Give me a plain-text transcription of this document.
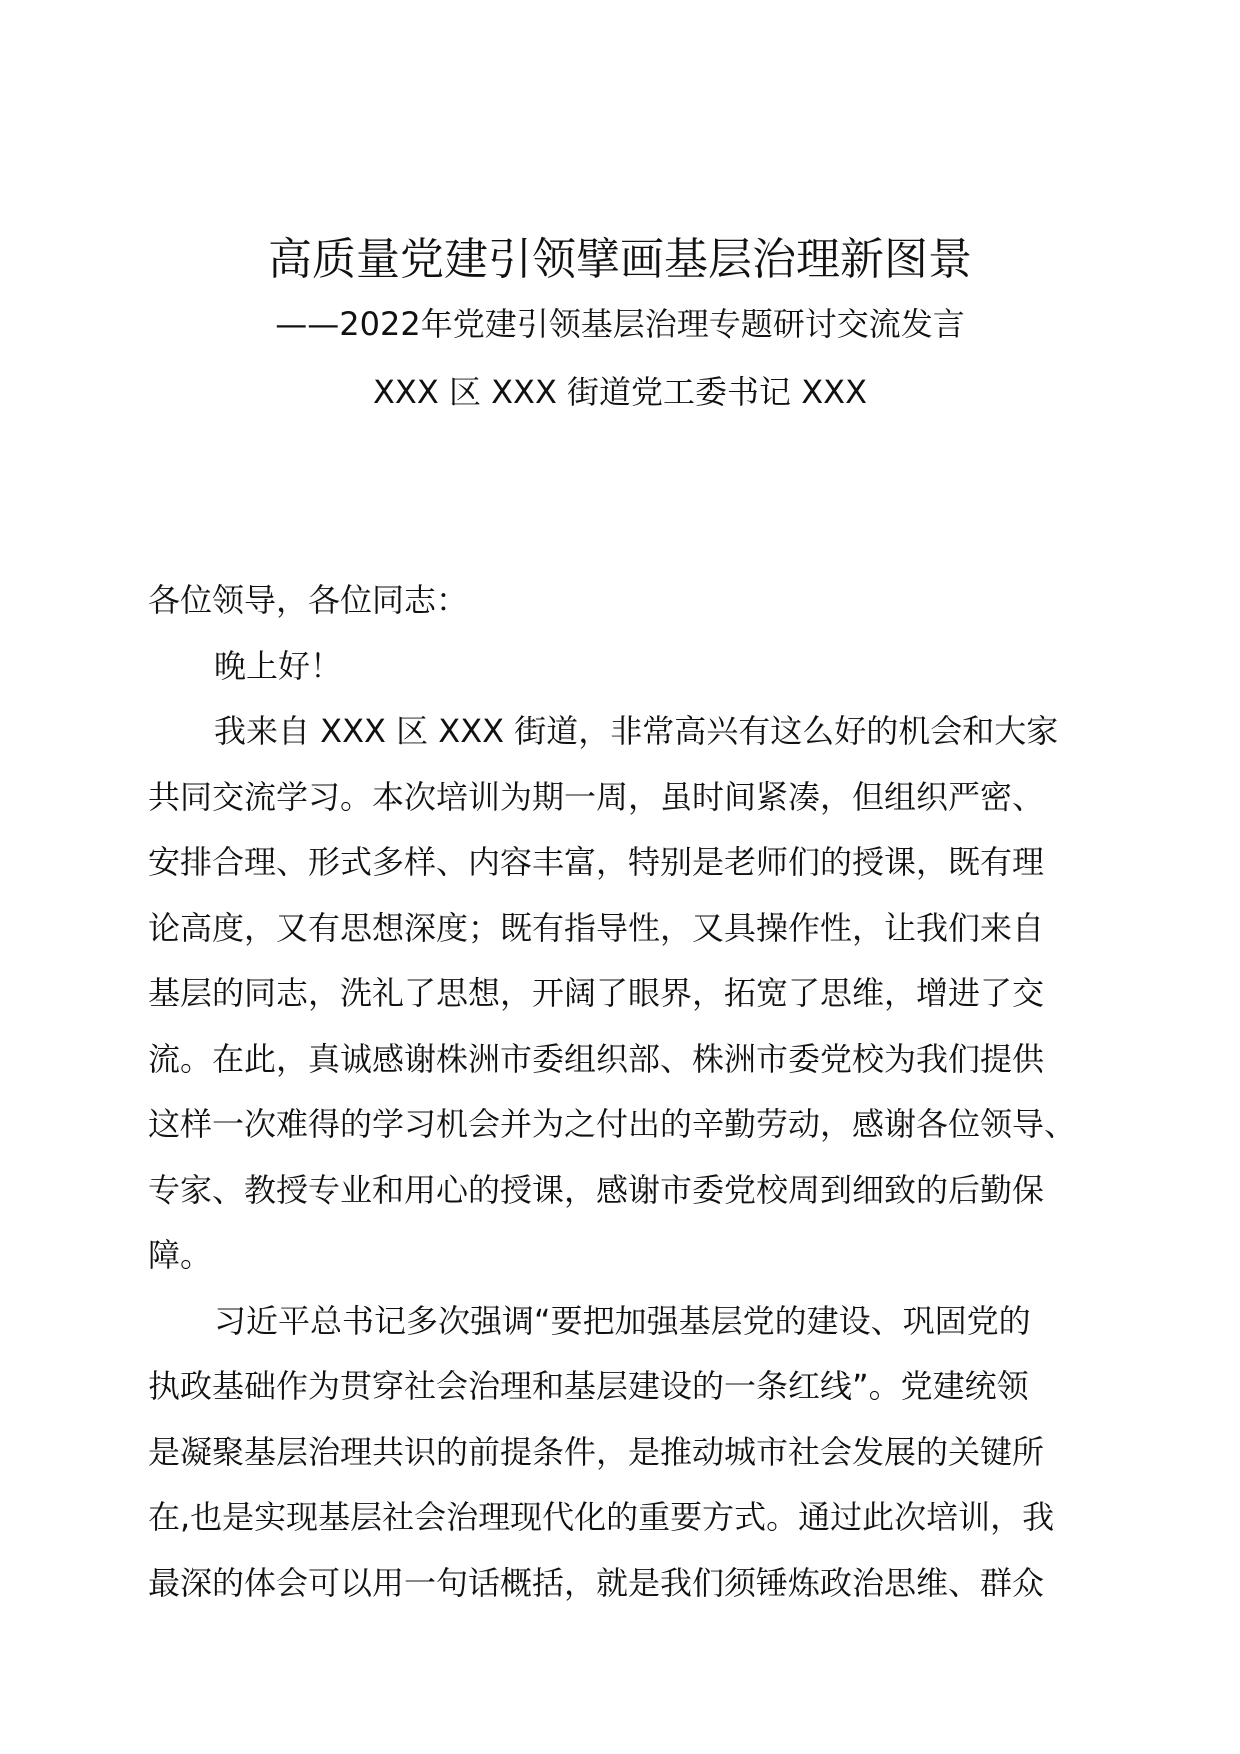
高质量党建引领擘画基层治理新图景
——2022年党建引领基层治理专题研讨交流发言
XXX 区 XXX 街道党工委书记 XXX
各位领导，各位同志：
晚上好！
我来自 XXX 区 XXX 街道，非常高兴有这么好的机会和大家
共同交流学习。本次培训为期一周，虽时间紧凑，但组织严密、
安排合理、形式多样、内容丰富，特别是老师们的授课，既有理
论高度，又有思想深度；既有指导性，又具操作性，让我们来自
基层的同志，洗礼了思想，开阔了眼界，拓宽了思维，增进了交
流。在此，真诚感谢株洲市委组织部、株洲市委党校为我们提供
这样一次难得的学习机会并为之付出的辛勤劳动，感谢各位领导、
专家、教授专业和用心的授课，感谢市委党校周到细致的后勤保
障。
习近平总书记多次强调“要把加强基层党的建设、巩固党的
执政基础作为贯穿社会治理和基层建设的一条红线”。党建统领
是凝聚基层治理共识的前提条件，是推动城市社会发展的关键所
在,也是实现基层社会治理现代化的重要方式。通过此次培训，我
最深的体会可以用一句话概括，就是我们须锤炼政治思维、群众
